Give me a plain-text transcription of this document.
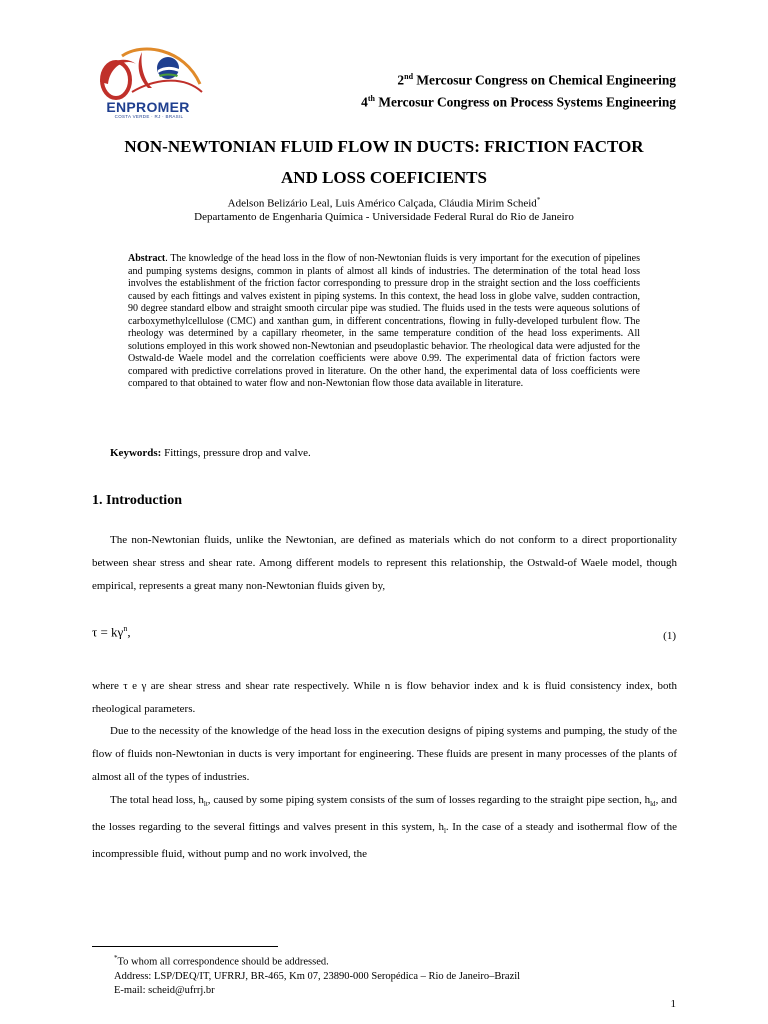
ENPROMER
COSTA VERDE · RJ · BRASIL
2nd Mercosur Congress on Chemical Engineering
4th Mercosur Congress on Process Systems Engineering
NON-NEWTONIAN FLUID FLOW IN DUCTS: FRICTION FACTOR
AND LOSS COEFICIENTS
Adelson Belizário Leal, Luis Américo Calçada, Cláudia Mirim Scheid*
Departamento de Engenharia Química - Universidade Federal Rural do Rio de Janeiro
Abstract. The knowledge of the head loss in the flow of non-Newtonian fluids is very important for the execution of pipelines and pumping systems designs, common in plants of almost all kinds of industries. The determination of the total head loss involves the establishment of the friction factor corresponding to pressure drop in the straight section and the loss coefficients caused by each fittings and valves existent in piping systems. In this context, the head loss in globe valve, sudden contraction, 90 degree standard elbow and straight smooth circular pipe was studied. The fluids used in the tests were aqueous solutions of carboxymethylcellulose (CMC) and xanthan gum, in different concentrations, flowing in fully-developed turbulent flow. The rheology was determined by a capillary rheometer, in the same temperature condition of the head loss experiments. All solutions employed in this work showed non-Newtonian and pseudoplastic behavior. The rheological data were adjusted for the Ostwald-de Waele model and the correlation coefficients were above 0.99. The experimental data of friction factors were compared with predictive correlations proved in literature. On the other hand, the experimental data of loss coefficients were compared to that obtained to water flow and non-Newtonian flow those data available in literature.
Keywords: Fittings, pressure drop and valve.
1. Introduction
The non-Newtonian fluids, unlike the Newtonian, are defined as materials which do not conform to a direct proportionality between shear stress and shear rate. Among different models to represent this relationship, the Ostwald-of Waele model, though empirical, represents a great many non-Newtonian fluids given by,
$\tau = k\gamma^n$,	(1)
where τ e γ are shear stress and shear rate respectively. While n is flow behavior index and k is fluid consistency index, both rheological parameters.
Due to the necessity of the knowledge of the head loss in the execution designs of piping systems and pumping, the study of the flow of fluids non-Newtonian in ducts is very important for engineering. These fluids are present in many processes of the plants of almost all of the types of industries.
The total head loss, $h_{lt}$, caused by some piping system consists of the sum of losses regarding to the straight pipe section, $h_{ld}$, and the losses regarding to the several fittings and valves present in this system, $h_l$. In the case of a steady and isothermal flow of the incompressible fluid, without pump and no work involved, the
*To whom all correspondence should be addressed.
Address: LSP/DEQ/IT, UFRRJ, BR-465, Km 07, 23890-000 Seropédica – Rio de Janeiro–Brazil
E-mail: scheid@ufrrj.br
1
